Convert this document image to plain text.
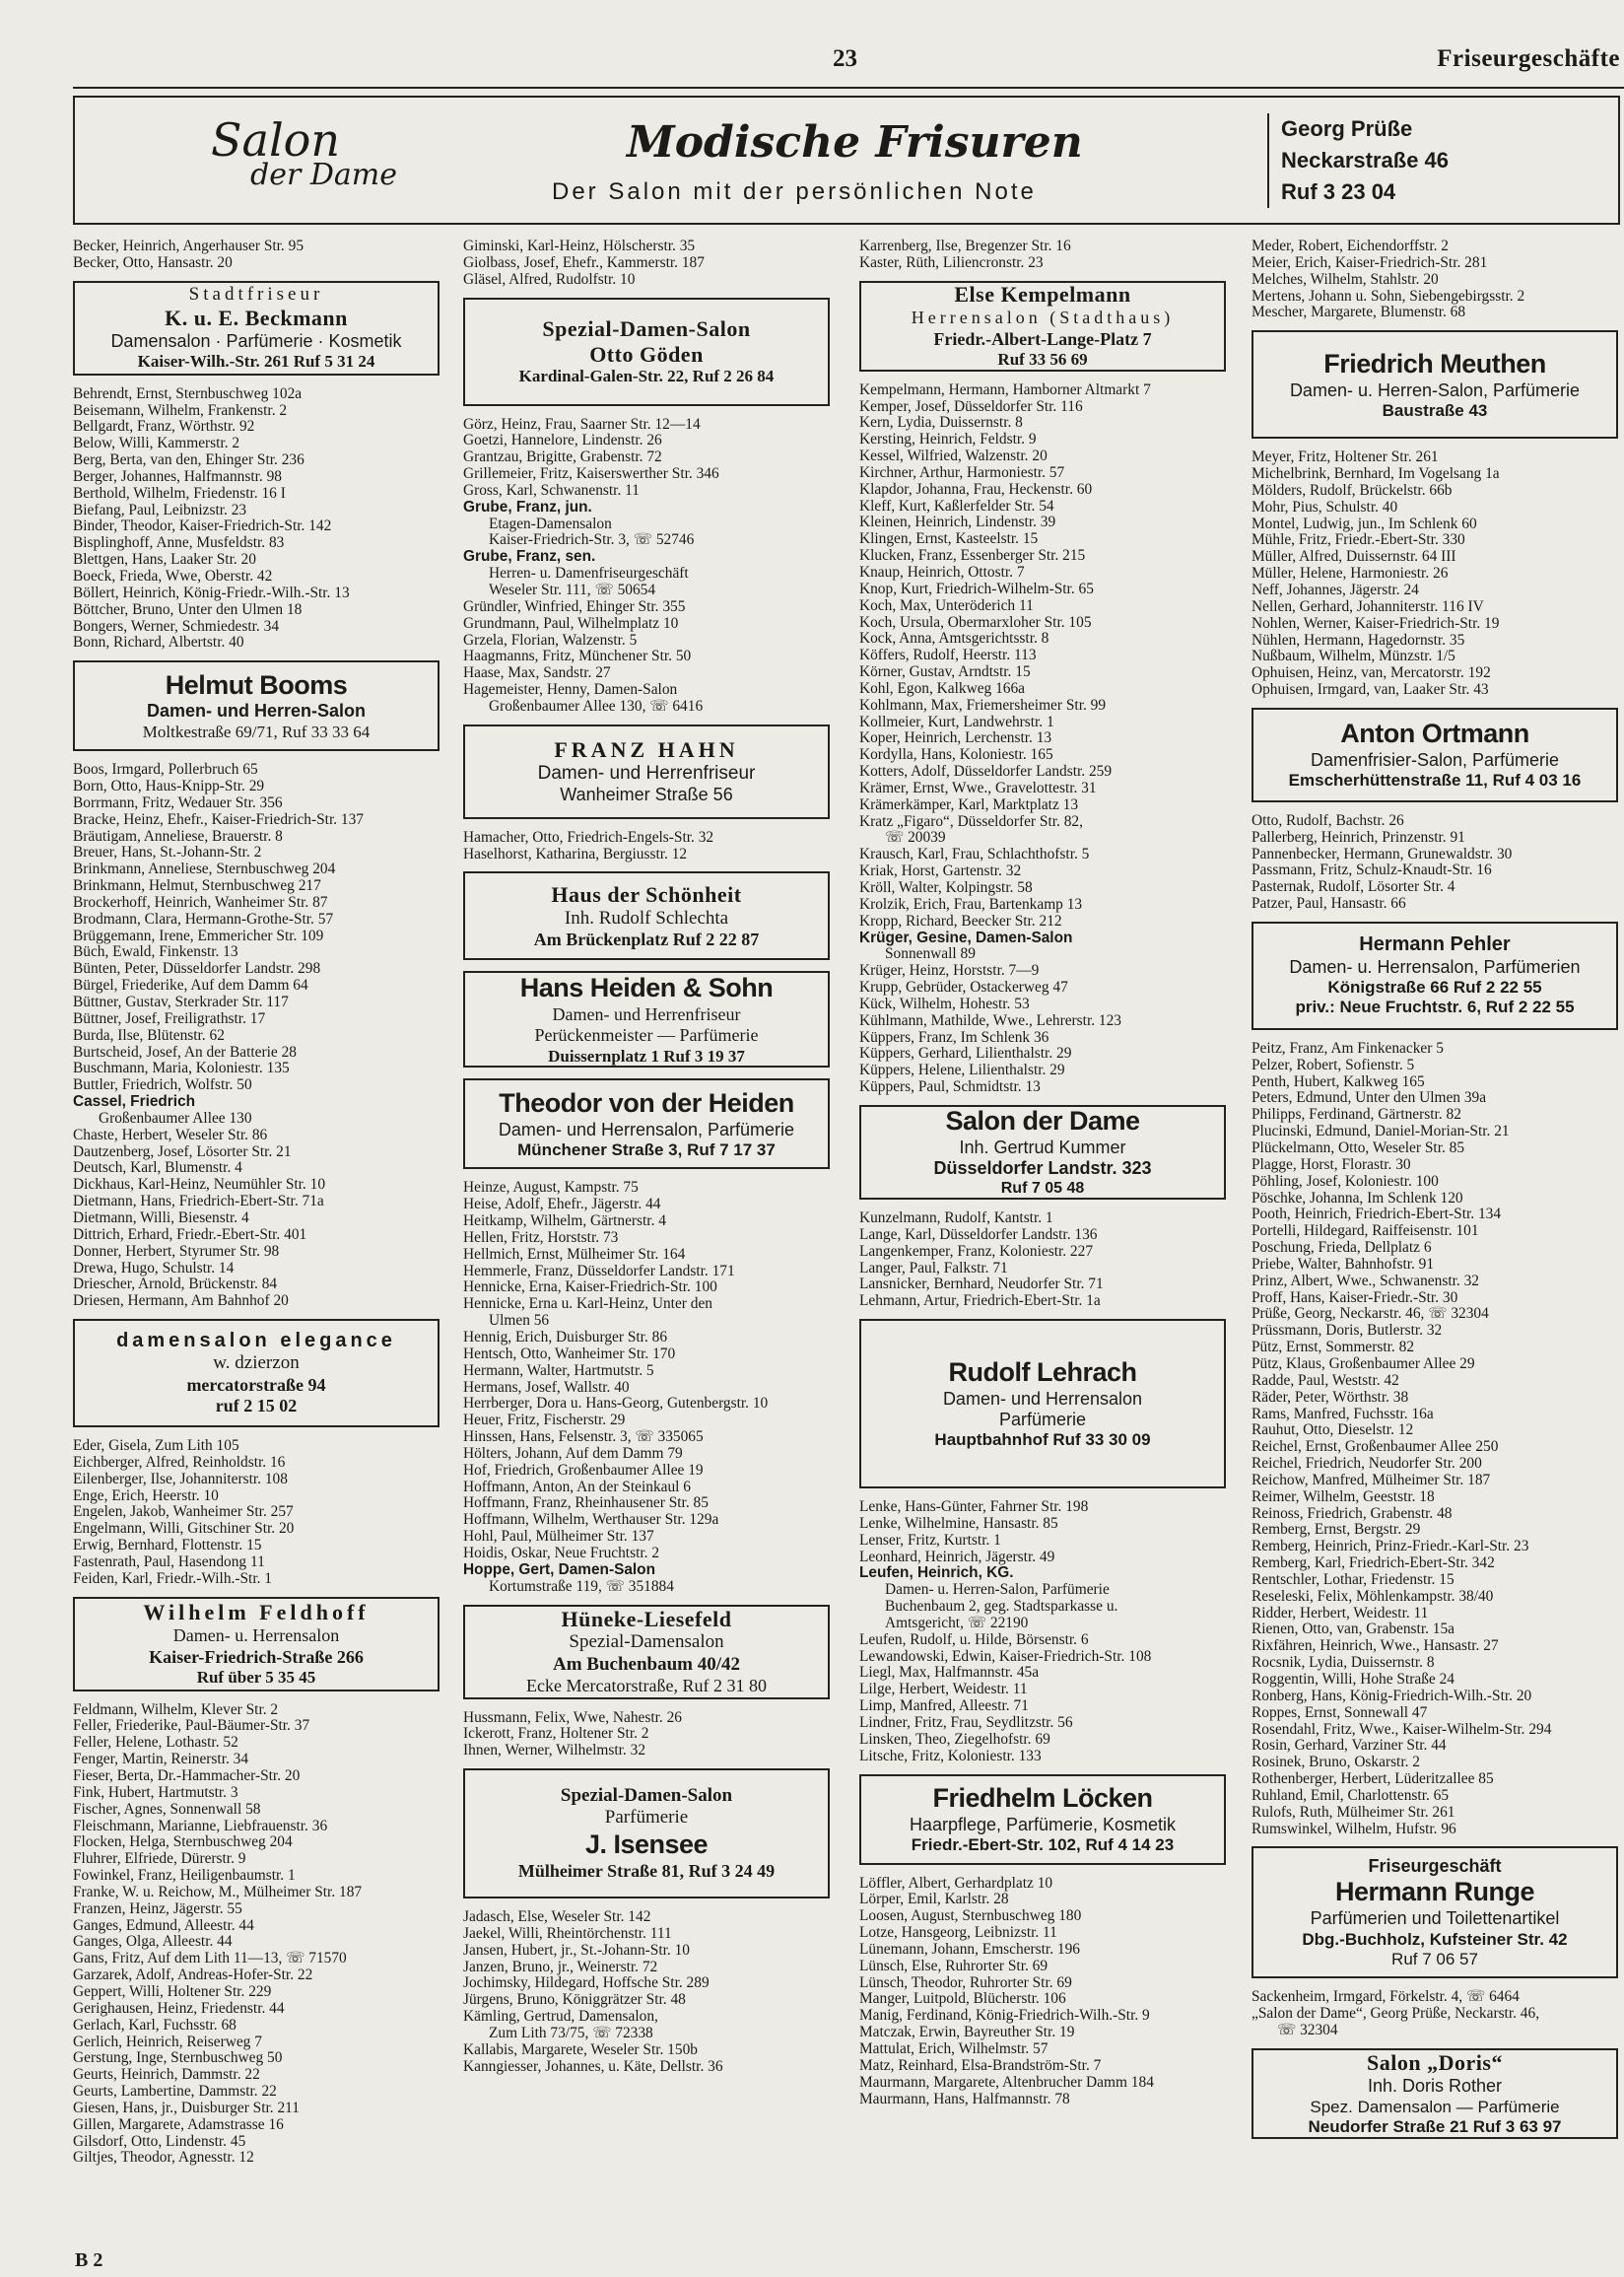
23	Friseurgeschäfte
Salon
der Dame
Modische Frisuren
Der Salon mit der persönlichen Note
Georg Prüße
Neckarstraße 46
Ruf 3 23 04
Becker, Heinrich, Angerhauser Str. 95
Becker, Otto, Hansastr. 20
Stadtfriseur
K. u. E. Beckmann
Damensalon · Parfümerie · Kosmetik
Kaiser-Wilh.-Str. 261 Ruf 5 31 24
Behrendt, Ernst, Sternbuschweg 102a
Beisemann, Wilhelm, Frankenstr. 2
Bellgardt, Franz, Wörthstr. 92
Below, Willi, Kammerstr. 2
Berg, Berta, van den, Ehinger Str. 236
Berger, Johannes, Halfmannstr. 98
Berthold, Wilhelm, Friedenstr. 16 I
Biefang, Paul, Leibnizstr. 23
Binder, Theodor, Kaiser-Friedrich-Str. 142
Bisplinghoff, Anne, Musfeldstr. 83
Blettgen, Hans, Laaker Str. 20
Boeck, Frieda, Wwe, Oberstr. 42
Böllert, Heinrich, König-Friedr.-Wilh.-Str. 13
Böttcher, Bruno, Unter den Ulmen 18
Bongers, Werner, Schmiedestr. 34
Bonn, Richard, Albertstr. 40
Helmut Booms
Damen- und Herren-Salon
Moltkestraße 69/71, Ruf 33 33 64
Boos, Irmgard, Pollerbruch 65
Born, Otto, Haus-Knipp-Str. 29
Borrmann, Fritz, Wedauer Str. 356
Bracke, Heinz, Ehefr., Kaiser-Friedrich-Str. 137
Bräutigam, Anneliese, Brauerstr. 8
Breuer, Hans, St.-Johann-Str. 2
Brinkmann, Anneliese, Sternbuschweg 204
Brinkmann, Helmut, Sternbuschweg 217
Brockerhoff, Heinrich, Wanheimer Str. 87
Brodmann, Clara, Hermann-Grothe-Str. 57
Brüggemann, Irene, Emmericher Str. 109
Büch, Ewald, Finkenstr. 13
Bünten, Peter, Düsseldorfer Landstr. 298
Bürgel, Friederike, Auf dem Damm 64
Büttner, Gustav, Sterkrader Str. 117
Büttner, Josef, Freiligrathstr. 17
Burda, Ilse, Blütenstr. 62
Burtscheid, Josef, An der Batterie 28
Buschmann, Maria, Koloniestr. 135
Buttler, Friedrich, Wolfstr. 50
Cassel, Friedrich
Großenbaumer Allee 130
Chaste, Herbert, Weseler Str. 86
Dautzenberg, Josef, Lösorter Str. 21
Deutsch, Karl, Blumenstr. 4
Dickhaus, Karl-Heinz, Neumühler Str. 10
Dietmann, Hans, Friedrich-Ebert-Str. 71a
Dietmann, Willi, Biesenstr. 4
Dittrich, Erhard, Friedr.-Ebert-Str. 401
Donner, Herbert, Styrumer Str. 98
Drewa, Hugo, Schulstr. 14
Driescher, Arnold, Brückenstr. 84
Driesen, Hermann, Am Bahnhof 20
damensalon elegance
w. dzierzon
mercatorstraße 94
ruf 2 15 02
Eder, Gisela, Zum Lith 105
Eichberger, Alfred, Reinholdstr. 16
Eilenberger, Ilse, Johanniterstr. 108
Enge, Erich, Heerstr. 10
Engelen, Jakob, Wanheimer Str. 257
Engelmann, Willi, Gitschiner Str. 20
Erwig, Bernhard, Flottenstr. 15
Fastenrath, Paul, Hasendong 11
Feiden, Karl, Friedr.-Wilh.-Str. 1
Wilhelm Feldhoff
Damen- u. Herrensalon
Kaiser-Friedrich-Straße 266
Ruf über 5 35 45
Feldmann, Wilhelm, Klever Str. 2
Feller, Friederike, Paul-Bäumer-Str. 37
Feller, Helene, Lothastr. 52
Fenger, Martin, Reinerstr. 34
Fieser, Berta, Dr.-Hammacher-Str. 20
Fink, Hubert, Hartmutstr. 3
Fischer, Agnes, Sonnenwall 58
Fleischmann, Marianne, Liebfrauenstr. 36
Flocken, Helga, Sternbuschweg 204
Fluhrer, Elfriede, Dürerstr. 9
Fowinkel, Franz, Heiligenbaumstr. 1
Franke, W. u. Reichow, M., Mülheimer Str. 187
Franzen, Heinz, Jägerstr. 55
Ganges, Edmund, Alleestr. 44
Ganges, Olga, Alleestr. 44
Gans, Fritz, Auf dem Lith 11—13, ☏ 71570
Garzarek, Adolf, Andreas-Hofer-Str. 22
Geppert, Willi, Holtener Str. 229
Gerighausen, Heinz, Friedenstr. 44
Gerlach, Karl, Fuchsstr. 68
Gerlich, Heinrich, Reiserweg 7
Gerstung, Inge, Sternbuschweg 50
Geurts, Heinrich, Dammstr. 22
Geurts, Lambertine, Dammstr. 22
Giesen, Hans, jr., Duisburger Str. 211
Gillen, Margarete, Adamstrasse 16
Gilsdorf, Otto, Lindenstr. 45
Giltjes, Theodor, Agnesstr. 12
Giminski, Karl-Heinz, Hölscherstr. 35
Giolbass, Josef, Ehefr., Kammerstr. 187
Gläsel, Alfred, Rudolfstr. 10
Spezial-Damen-Salon
Otto Göden
Kardinal-Galen-Str. 22, Ruf 2 26 84
Görz, Heinz, Frau, Saarner Str. 12—14
Goetzi, Hannelore, Lindenstr. 26
Grantzau, Brigitte, Grabenstr. 72
Grillemeier, Fritz, Kaiserswerther Str. 346
Gross, Karl, Schwanenstr. 11
Grube, Franz, jun.
Etagen-Damensalon
Kaiser-Friedrich-Str. 3, ☏ 52746
Grube, Franz, sen.
Herren- u. Damenfriseurgeschäft
Weseler Str. 111, ☏ 50654
Gründler, Winfried, Ehinger Str. 355
Grundmann, Paul, Wilhelmplatz 10
Grzela, Florian, Walzenstr. 5
Haagmanns, Fritz, Münchener Str. 50
Haase, Max, Sandstr. 27
Hagemeister, Henny, Damen-Salon
Großenbaumer Allee 130, ☏ 6416
FRANZ HAHN
Damen- und Herrenfriseur
Wanheimer Straße 56
Hamacher, Otto, Friedrich-Engels-Str. 32
Haselhorst, Katharina, Bergiusstr. 12
Haus der Schönheit
Inh. Rudolf Schlechta
Am Brückenplatz Ruf 2 22 87
Hans Heiden & Sohn
Damen- und Herrenfriseur
Perückenmeister — Parfümerie
Duissernplatz 1 Ruf 3 19 37
Theodor von der Heiden
Damen- und Herrensalon, Parfümerie
Münchener Straße 3, Ruf 7 17 37
Heinze, August, Kampstr. 75
Heise, Adolf, Ehefr., Jägerstr. 44
Heitkamp, Wilhelm, Gärtnerstr. 4
Hellen, Fritz, Horststr. 73
Hellmich, Ernst, Mülheimer Str. 164
Hemmerle, Franz, Düsseldorfer Landstr. 171
Hennicke, Erna, Kaiser-Friedrich-Str. 100
Hennicke, Erna u. Karl-Heinz, Unter den
Ulmen 56
Hennig, Erich, Duisburger Str. 86
Hentsch, Otto, Wanheimer Str. 170
Hermann, Walter, Hartmutstr. 5
Hermans, Josef, Wallstr. 40
Herrberger, Dora u. Hans-Georg, Gutenbergstr. 10
Heuer, Fritz, Fischerstr. 29
Hinssen, Hans, Felsenstr. 3, ☏ 335065
Hölters, Johann, Auf dem Damm 79
Hof, Friedrich, Großenbaumer Allee 19
Hoffmann, Anton, An der Steinkaul 6
Hoffmann, Franz, Rheinhausener Str. 85
Hoffmann, Wilhelm, Werthauser Str. 129a
Hohl, Paul, Mülheimer Str. 137
Hoidis, Oskar, Neue Fruchtstr. 2
Hoppe, Gert, Damen-Salon
Kortumstraße 119, ☏ 351884
Hüneke-Liesefeld
Spezial-Damensalon
Am Buchenbaum 40/42
Ecke Mercatorstraße, Ruf 2 31 80
Hussmann, Felix, Wwe, Nahestr. 26
Ickerott, Franz, Holtener Str. 2
Ihnen, Werner, Wilhelmstr. 32
Spezial-Damen-Salon
Parfümerie
J. Isensee
Mülheimer Straße 81, Ruf 3 24 49
Jadasch, Else, Weseler Str. 142
Jaekel, Willi, Rheintörchenstr. 111
Jansen, Hubert, jr., St.-Johann-Str. 10
Janzen, Bruno, jr., Weinerstr. 72
Jochimsky, Hildegard, Hoffsche Str. 289
Jürgens, Bruno, Königgrätzer Str. 48
Kämling, Gertrud, Damensalon,
Zum Lith 73/75, ☏ 72338
Kallabis, Margarete, Weseler Str. 150b
Kanngiesser, Johannes, u. Käte, Dellstr. 36
Karrenberg, Ilse, Bregenzer Str. 16
Kaster, Rüth, Liliencronstr. 23
Else Kempelmann
Herrensalon (Stadthaus)
Friedr.-Albert-Lange-Platz 7
Ruf 33 56 69
Kempelmann, Hermann, Hamborner Altmarkt 7
Kemper, Josef, Düsseldorfer Str. 116
Kern, Lydia, Duissernstr. 8
Kersting, Heinrich, Feldstr. 9
Kessel, Wilfried, Walzenstr. 20
Kirchner, Arthur, Harmoniestr. 57
Klapdor, Johanna, Frau, Heckenstr. 60
Kleff, Kurt, Kaßlerfelder Str. 54
Kleinen, Heinrich, Lindenstr. 39
Klingen, Ernst, Kasteelstr. 15
Klucken, Franz, Essenberger Str. 215
Knaup, Heinrich, Ottostr. 7
Knop, Kurt, Friedrich-Wilhelm-Str. 65
Koch, Max, Unteröderich 11
Koch, Ursula, Obermarxloher Str. 105
Kock, Anna, Amtsgerichtsstr. 8
Köffers, Rudolf, Heerstr. 113
Körner, Gustav, Arndtstr. 15
Kohl, Egon, Kalkweg 166a
Kohlmann, Max, Friemersheimer Str. 99
Kollmeier, Kurt, Landwehrstr. 1
Koper, Heinrich, Lerchenstr. 13
Kordylla, Hans, Koloniestr. 165
Kotters, Adolf, Düsseldorfer Landstr. 259
Krämer, Ernst, Wwe., Gravelottestr. 31
Krämerkämper, Karl, Marktplatz 13
Kratz „Figaro“, Düsseldorfer Str. 82,
☏ 20039
Krausch, Karl, Frau, Schlachthofstr. 5
Kriak, Horst, Gartenstr. 32
Kröll, Walter, Kolpingstr. 58
Krolzik, Erich, Frau, Bartenkamp 13
Kropp, Richard, Beecker Str. 212
Krüger, Gesine, Damen-Salon
Sonnenwall 89
Krüger, Heinz, Horststr. 7—9
Krupp, Gebrüder, Ostackerweg 47
Kück, Wilhelm, Hohestr. 53
Kühlmann, Mathilde, Wwe., Lehrerstr. 123
Küppers, Franz, Im Schlenk 36
Küppers, Gerhard, Lilienthalstr. 29
Küppers, Helene, Lilienthalstr. 29
Küppers, Paul, Schmidtstr. 13
Salon der Dame
Inh. Gertrud Kummer
Düsseldorfer Landstr. 323
Ruf 7 05 48
Kunzelmann, Rudolf, Kantstr. 1
Lange, Karl, Düsseldorfer Landstr. 136
Langenkemper, Franz, Koloniestr. 227
Langer, Paul, Falkstr. 71
Lansnicker, Bernhard, Neudorfer Str. 71
Lehmann, Artur, Friedrich-Ebert-Str. 1a
Rudolf Lehrach
Damen- und Herrensalon
Parfümerie
Hauptbahnhof Ruf 33 30 09
Lenke, Hans-Günter, Fahrner Str. 198
Lenke, Wilhelmine, Hansastr. 85
Lenser, Fritz, Kurtstr. 1
Leonhard, Heinrich, Jägerstr. 49
Leufen, Heinrich, KG.
Damen- u. Herren-Salon, Parfümerie
Buchenbaum 2, geg. Stadtsparkasse u.
Amtsgericht, ☏ 22190
Leufen, Rudolf, u. Hilde, Börsenstr. 6
Lewandowski, Edwin, Kaiser-Friedrich-Str. 108
Liegl, Max, Halfmannstr. 45a
Lilge, Herbert, Weidestr. 11
Limp, Manfred, Alleestr. 71
Lindner, Fritz, Frau, Seydlitzstr. 56
Linsken, Theo, Ziegelhofstr. 69
Litsche, Fritz, Koloniestr. 133
Friedhelm Löcken
Haarpflege, Parfümerie, Kosmetik
Friedr.-Ebert-Str. 102, Ruf 4 14 23
Löffler, Albert, Gerhardplatz 10
Lörper, Emil, Karlstr. 28
Loosen, August, Sternbuschweg 180
Lotze, Hansgeorg, Leibnizstr. 11
Lünemann, Johann, Emscherstr. 196
Lünsch, Else, Ruhrorter Str. 69
Lünsch, Theodor, Ruhrorter Str. 69
Manger, Luitpold, Blücherstr. 106
Manig, Ferdinand, König-Friedrich-Wilh.-Str. 9
Matczak, Erwin, Bayreuther Str. 19
Mattulat, Erich, Wilhelmstr. 57
Matz, Reinhard, Elsa-Brandström-Str. 7
Maurmann, Margarete, Altenbrucher Damm 184
Maurmann, Hans, Halfmannstr. 78
Meder, Robert, Eichendorffstr. 2
Meier, Erich, Kaiser-Friedrich-Str. 281
Melches, Wilhelm, Stahlstr. 20
Mertens, Johann u. Sohn, Siebengebirgsstr. 2
Mescher, Margarete, Blumenstr. 68
Friedrich Meuthen
Damen- u. Herren-Salon, Parfümerie
Baustraße 43
Meyer, Fritz, Holtener Str. 261
Michelbrink, Bernhard, Im Vogelsang 1a
Mölders, Rudolf, Brückelstr. 66b
Mohr, Pius, Schulstr. 40
Montel, Ludwig, jun., Im Schlenk 60
Mühle, Fritz, Friedr.-Ebert-Str. 330
Müller, Alfred, Duissernstr. 64 III
Müller, Helene, Harmoniestr. 26
Neff, Johannes, Jägerstr. 24
Nellen, Gerhard, Johanniterstr. 116 IV
Nohlen, Werner, Kaiser-Friedrich-Str. 19
Nühlen, Hermann, Hagedornstr. 35
Nußbaum, Wilhelm, Münzstr. 1/5
Ophuisen, Heinz, van, Mercatorstr. 192
Ophuisen, Irmgard, van, Laaker Str. 43
Anton Ortmann
Damenfrisier-Salon, Parfümerie
Emscherhüttenstraße 11, Ruf 4 03 16
Otto, Rudolf, Bachstr. 26
Pallerberg, Heinrich, Prinzenstr. 91
Pannenbecker, Hermann, Grunewaldstr. 30
Passmann, Fritz, Schulz-Knaudt-Str. 16
Pasternak, Rudolf, Lösorter Str. 4
Patzer, Paul, Hansastr. 66
Hermann Pehler
Damen- u. Herrensalon, Parfümerien
Königstraße 66 Ruf 2 22 55
priv.: Neue Fruchtstr. 6, Ruf 2 22 55
Peitz, Franz, Am Finkenacker 5
Pelzer, Robert, Sofienstr. 5
Penth, Hubert, Kalkweg 165
Peters, Edmund, Unter den Ulmen 39a
Philipps, Ferdinand, Gärtnerstr. 82
Plucinski, Edmund, Daniel-Morian-Str. 21
Plückelmann, Otto, Weseler Str. 85
Plagge, Horst, Florastr. 30
Pöhling, Josef, Koloniestr. 100
Pöschke, Johanna, Im Schlenk 120
Pooth, Heinrich, Friedrich-Ebert-Str. 134
Portelli, Hildegard, Raiffeisenstr. 101
Poschung, Frieda, Dellplatz 6
Priebe, Walter, Bahnhofstr. 91
Prinz, Albert, Wwe., Schwanenstr. 32
Proff, Hans, Kaiser-Friedr.-Str. 30
Prüße, Georg, Neckarstr. 46, ☏ 32304
Prüssmann, Doris, Butlerstr. 32
Pütz, Ernst, Sommerstr. 82
Pütz, Klaus, Großenbaumer Allee 29
Radde, Paul, Weststr. 42
Räder, Peter, Wörthstr. 38
Rams, Manfred, Fuchsstr. 16a
Rauhut, Otto, Dieselstr. 12
Reichel, Ernst, Großenbaumer Allee 250
Reichel, Friedrich, Neudorfer Str. 200
Reichow, Manfred, Mülheimer Str. 187
Reimer, Wilhelm, Geeststr. 18
Reinoss, Friedrich, Grabenstr. 48
Remberg, Ernst, Bergstr. 29
Remberg, Heinrich, Prinz-Friedr.-Karl-Str. 23
Remberg, Karl, Friedrich-Ebert-Str. 342
Rentschler, Lothar, Friedenstr. 15
Reseleski, Felix, Möhlenkampstr. 38/40
Ridder, Herbert, Weidestr. 11
Rienen, Otto, van, Grabenstr. 15a
Rixfähren, Heinrich, Wwe., Hansastr. 27
Rocsnik, Lydia, Duissernstr. 8
Roggentin, Willi, Hohe Straße 24
Ronberg, Hans, König-Friedrich-Wilh.-Str. 20
Roppes, Ernst, Sonnewall 47
Rosendahl, Fritz, Wwe., Kaiser-Wilhelm-Str. 294
Rosin, Gerhard, Varziner Str. 44
Rosinek, Bruno, Oskarstr. 2
Rothenberger, Herbert, Lüderitzallee 85
Ruhland, Emil, Charlottenstr. 65
Rulofs, Ruth, Mülheimer Str. 261
Rumswinkel, Wilhelm, Hufstr. 96
Friseurgeschäft
Hermann Runge
Parfümerien und Toilettenartikel
Dbg.-Buchholz, Kufsteiner Str. 42
Ruf 7 06 57
Sackenheim, Irmgard, Förkelstr. 4, ☏ 6464
„Salon der Dame“, Georg Prüße, Neckarstr. 46,
☏ 32304
Salon „Doris“
Inh. Doris Rother
Spez. Damensalon — Parfümerie
Neudorfer Straße 21 Ruf 3 63 97
B 2
